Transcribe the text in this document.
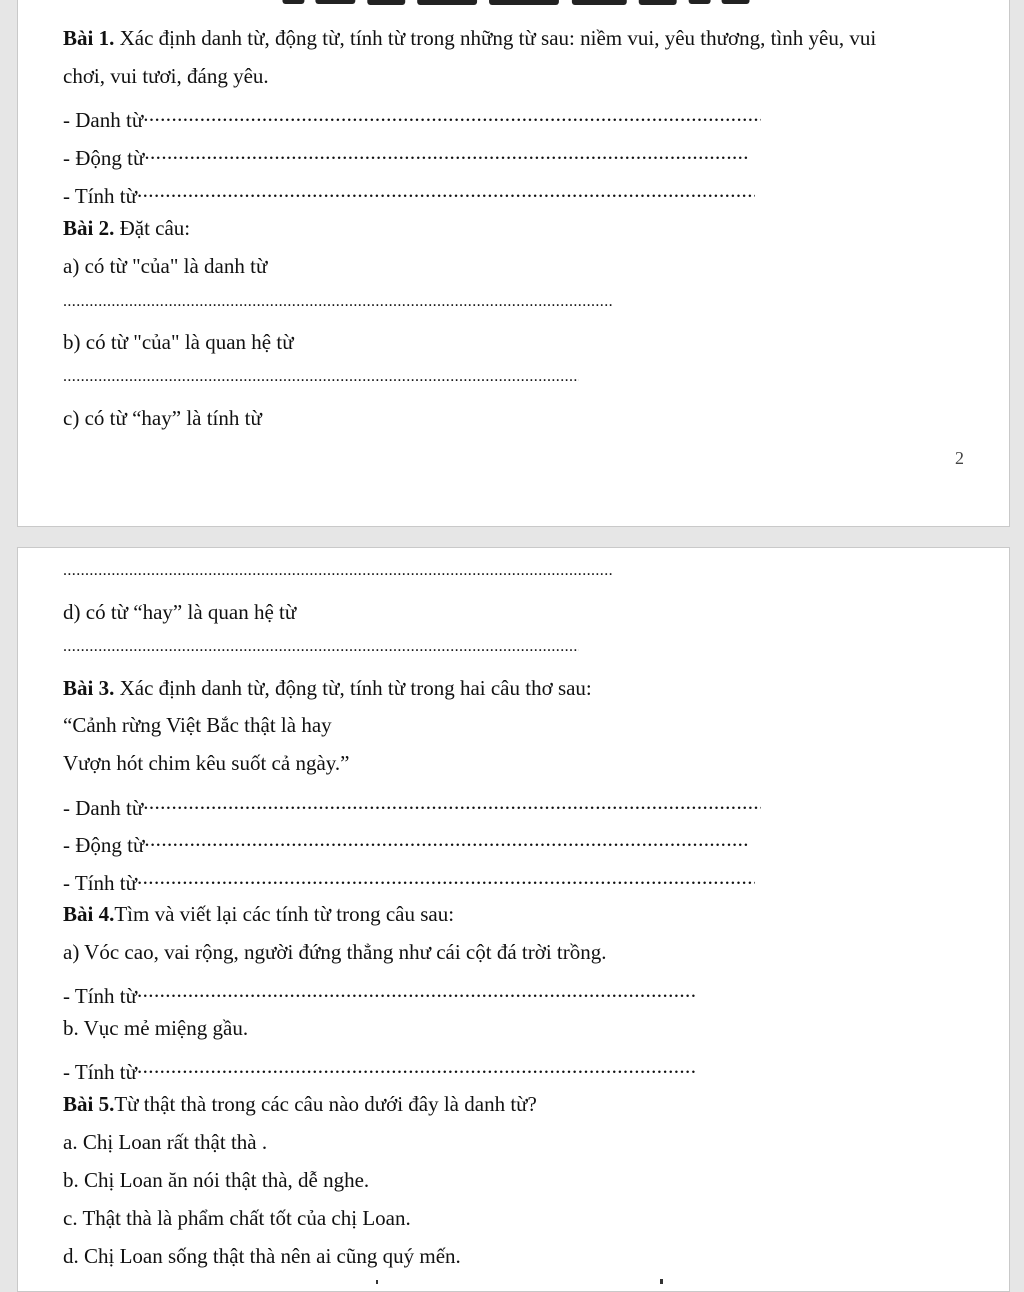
Bài 1. Xác định danh từ, động từ, tính từ trong những từ sau: niềm vui, yêu thương, tình yêu, vui
chơi, vui tươi, đáng yêu.
- Danh từ.....
- Động từ.....
- Tính từ.....
Bài 2. Đặt câu:
a) có từ "của" là danh từ
.....
b) có từ "của" là quan hệ từ
.....
c) có từ “hay” là tính từ
2
.....
d) có từ “hay” là quan hệ từ
.....
Bài 3. Xác định danh từ, động từ, tính từ trong hai câu thơ sau:
“Cảnh rừng Việt Bắc thật là hay
Vượn hót chim kêu suốt cả ngày.”
- Danh từ.....
- Động từ.....
- Tính từ.....
Bài 4.Tìm và viết lại các tính từ trong câu sau:
a) Vóc cao, vai rộng, người đứng thẳng như cái cột đá trời trồng.
- Tính từ.....
b. Vục mẻ miệng gầu.
- Tính từ.....
Bài 5.Từ thật thà trong các câu nào dưới đây là danh từ?
a. Chị Loan rất thật thà .
b. Chị Loan ăn nói thật thà, dễ nghe.
c. Thật thà là phẩm chất tốt của chị Loan.
d. Chị Loan sống thật thà nên ai cũng quý mến.
